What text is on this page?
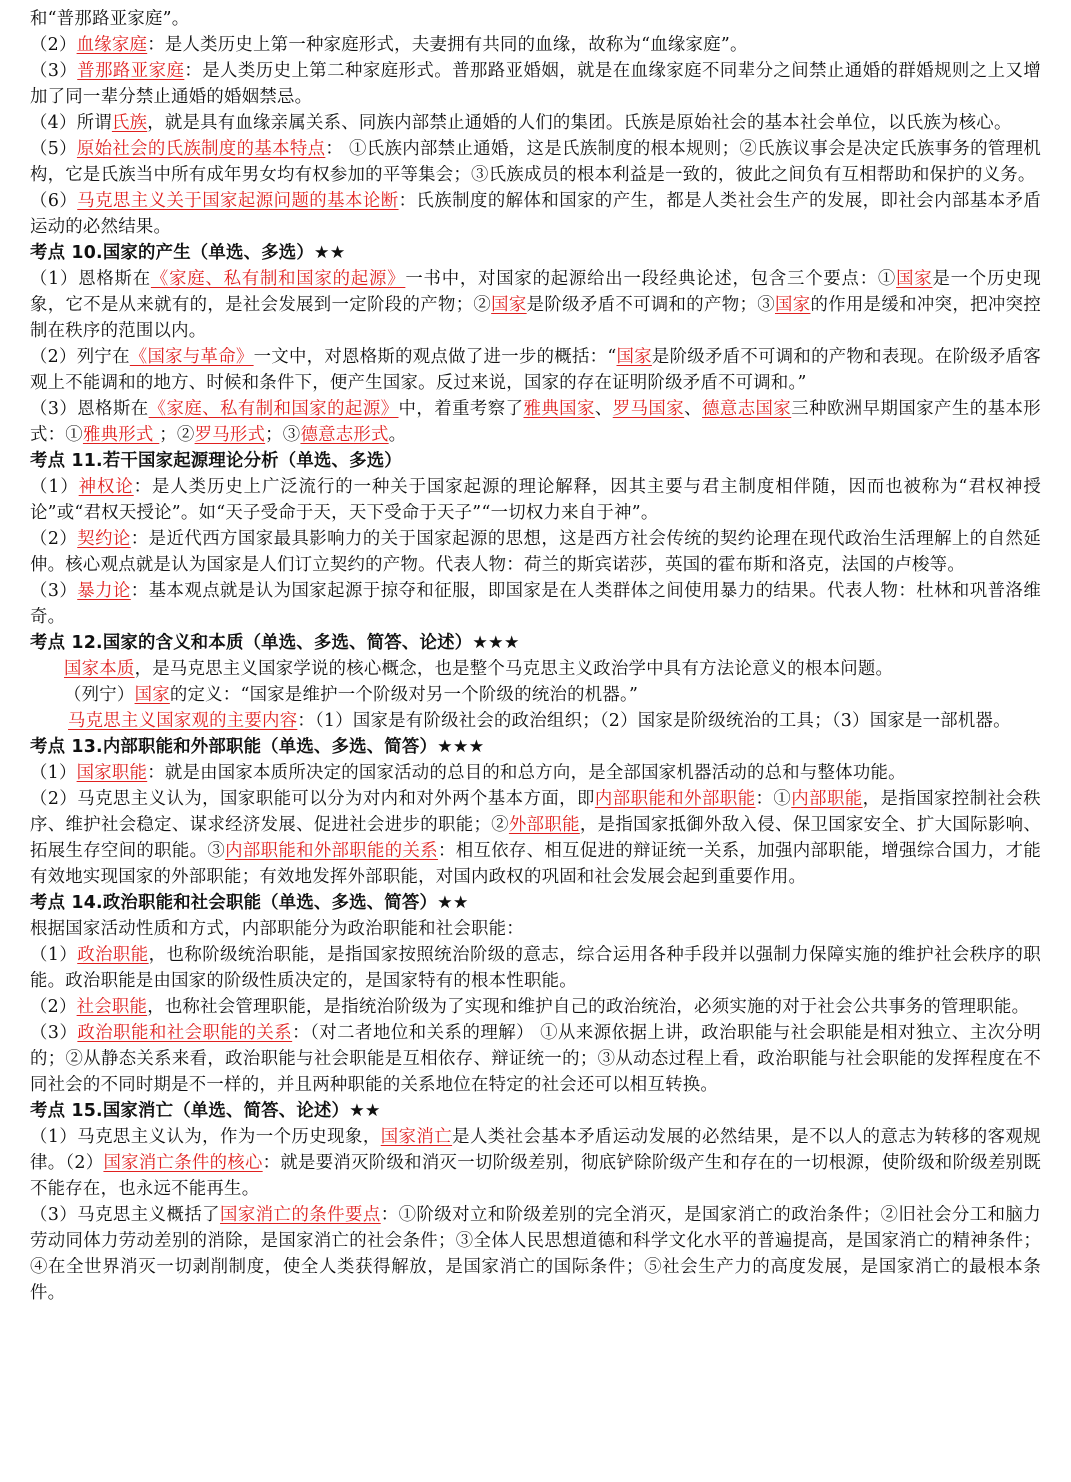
和“普那路亚家庭”。

（2）血缘家庭：是人类历史上第一种家庭形式，夫妻拥有共同的血缘，故称为“血缘家庭”。

（3）普那路亚家庭：是人类历史上第二种家庭形式。普那路亚婚姻，就是在血缘家庭不同辈分之间禁止通婚的群婚规则之上又增加了同一辈分禁止通婚的婚姻禁忌。

（4）所谓氏族，就是具有血缘亲属关系、同族内部禁止通婚的人们的集团。氏族是原始社会的基本社会单位，以氏族为核心。

（5）原始社会的氏族制度的基本特点： ①氏族内部禁止通婚，这是氏族制度的根本规则；②氏族议事会是决定氏族事务的管理机构，它是氏族当中所有成年男女均有权参加的平等集会；③氏族成员的根本利益是一致的，彼此之间负有互相帮助和保护的义务。

（6）马克思主义关于国家起源问题的基本论断：氏族制度的解体和国家的产生，都是人类社会生产的发展，即社会内部基本矛盾运动的必然结果。

考点 10.国家的产生（单选、多选）★★

（1）恩格斯在《家庭、私有制和国家的起源》一书中，对国家的起源给出一段经典论述，包含三个要点：①国家是一个历史现象，它不是从来就有的，是社会发展到一定阶段的产物；②国家是阶级矛盾不可调和的产物；③国家的作用是缓和冲突，把冲突控制在秩序的范围以内。

（2）列宁在《国家与革命》一文中，对恩格斯的观点做了进一步的概括：“国家是阶级矛盾不可调和的产物和表现。在阶级矛盾客观上不能调和的地方、时候和条件下，便产生国家。反过来说，国家的存在证明阶级矛盾不可调和。”

（3）恩格斯在《家庭、私有制和国家的起源》中，着重考察了雅典国家、罗马国家、德意志国家三种欧洲早期国家产生的基本形式：①雅典形式 ；②罗马形式；③德意志形式。

考点 11.若干国家起源理论分析（单选、多选）

（1）神权论：是人类历史上广泛流行的一种关于国家起源的理论解释，因其主要与君主制度相伴随，因而也被称为“君权神授论”或“君权天授论”。如“天子受命于天，天下受命于天子”“一切权力来自于神”。

（2）契约论：是近代西方国家最具影响力的关于国家起源的思想，这是西方社会传统的契约论理在现代政治生活理解上的自然延伸。核心观点就是认为国家是人们订立契约的产物。代表人物：荷兰的斯宾诺莎，英国的霍布斯和洛克，法国的卢梭等。

（3）暴力论：基本观点就是认为国家起源于掠夺和征服，即国家是在人类群体之间使用暴力的结果。代表人物：杜林和巩普洛维奇。

考点 12.国家的含义和本质（单选、多选、简答、论述）★★★

国家本质，是马克思主义国家学说的核心概念，也是整个马克思主义政治学中具有方法论意义的根本问题。

（列宁）国家的定义：“国家是维护一个阶级对另一个阶级的统治的机器。”

马克思主义国家观的主要内容：（1）国家是有阶级社会的政治组织；（2）国家是阶级统治的工具；（3）国家是一部机器。

考点 13.内部职能和外部职能（单选、多选、简答）★★★

（1）国家职能：就是由国家本质所决定的国家活动的总目的和总方向，是全部国家机器活动的总和与整体功能。

（2）马克思主义认为，国家职能可以分为对内和对外两个基本方面，即内部职能和外部职能：①内部职能，是指国家控制社会秩序、维护社会稳定、谋求经济发展、促进社会进步的职能；②外部职能，是指国家抵御外敌入侵、保卫国家安全、扩大国际影响、拓展生存空间的职能。③内部职能和外部职能的关系：相互依存、相互促进的辩证统一关系，加强内部职能，增强综合国力，才能有效地实现国家的外部职能；有效地发挥外部职能，对国内政权的巩固和社会发展会起到重要作用。

考点 14.政治职能和社会职能（单选、多选、简答）★★

根据国家活动性质和方式，内部职能分为政治职能和社会职能：

（1）政治职能，也称阶级统治职能，是指国家按照统治阶级的意志，综合运用各种手段并以强制力保障实施的维护社会秩序的职能。政治职能是由国家的阶级性质决定的，是国家特有的根本性职能。

（2）社会职能，也称社会管理职能，是指统治阶级为了实现和维护自己的政治统治，必须实施的对于社会公共事务的管理职能。

（3）政治职能和社会职能的关系：（对二者地位和关系的理解） ①从来源依据上讲，政治职能与社会职能是相对独立、主次分明的；②从静态关系来看，政治职能与社会职能是互相依存、辩证统一的；③从动态过程上看，政治职能与社会职能的发挥程度在不同社会的不同时期是不一样的，并且两种职能的关系地位在特定的社会还可以相互转换。

考点 15.国家消亡（单选、简答、论述）★★

（1）马克思主义认为，作为一个历史现象，国家消亡是人类社会基本矛盾运动发展的必然结果，是不以人的意志为转移的客观规律。（2）国家消亡条件的核心：就是要消灭阶级和消灭一切阶级差别，彻底铲除阶级产生和存在的一切根源，使阶级和阶级差别既不能存在，也永远不能再生。

（3）马克思主义概括了国家消亡的条件要点：①阶级对立和阶级差别的完全消灭，是国家消亡的政治条件；②旧社会分工和脑力劳动同体力劳动差别的消除，是国家消亡的社会条件；③全体人民思想道德和科学文化水平的普遍提高，是国家消亡的精神条件；④在全世界消灭一切剥削制度，使全人类获得解放，是国家消亡的国际条件；⑤社会生产力的高度发展，是国家消亡的最根本条件。
